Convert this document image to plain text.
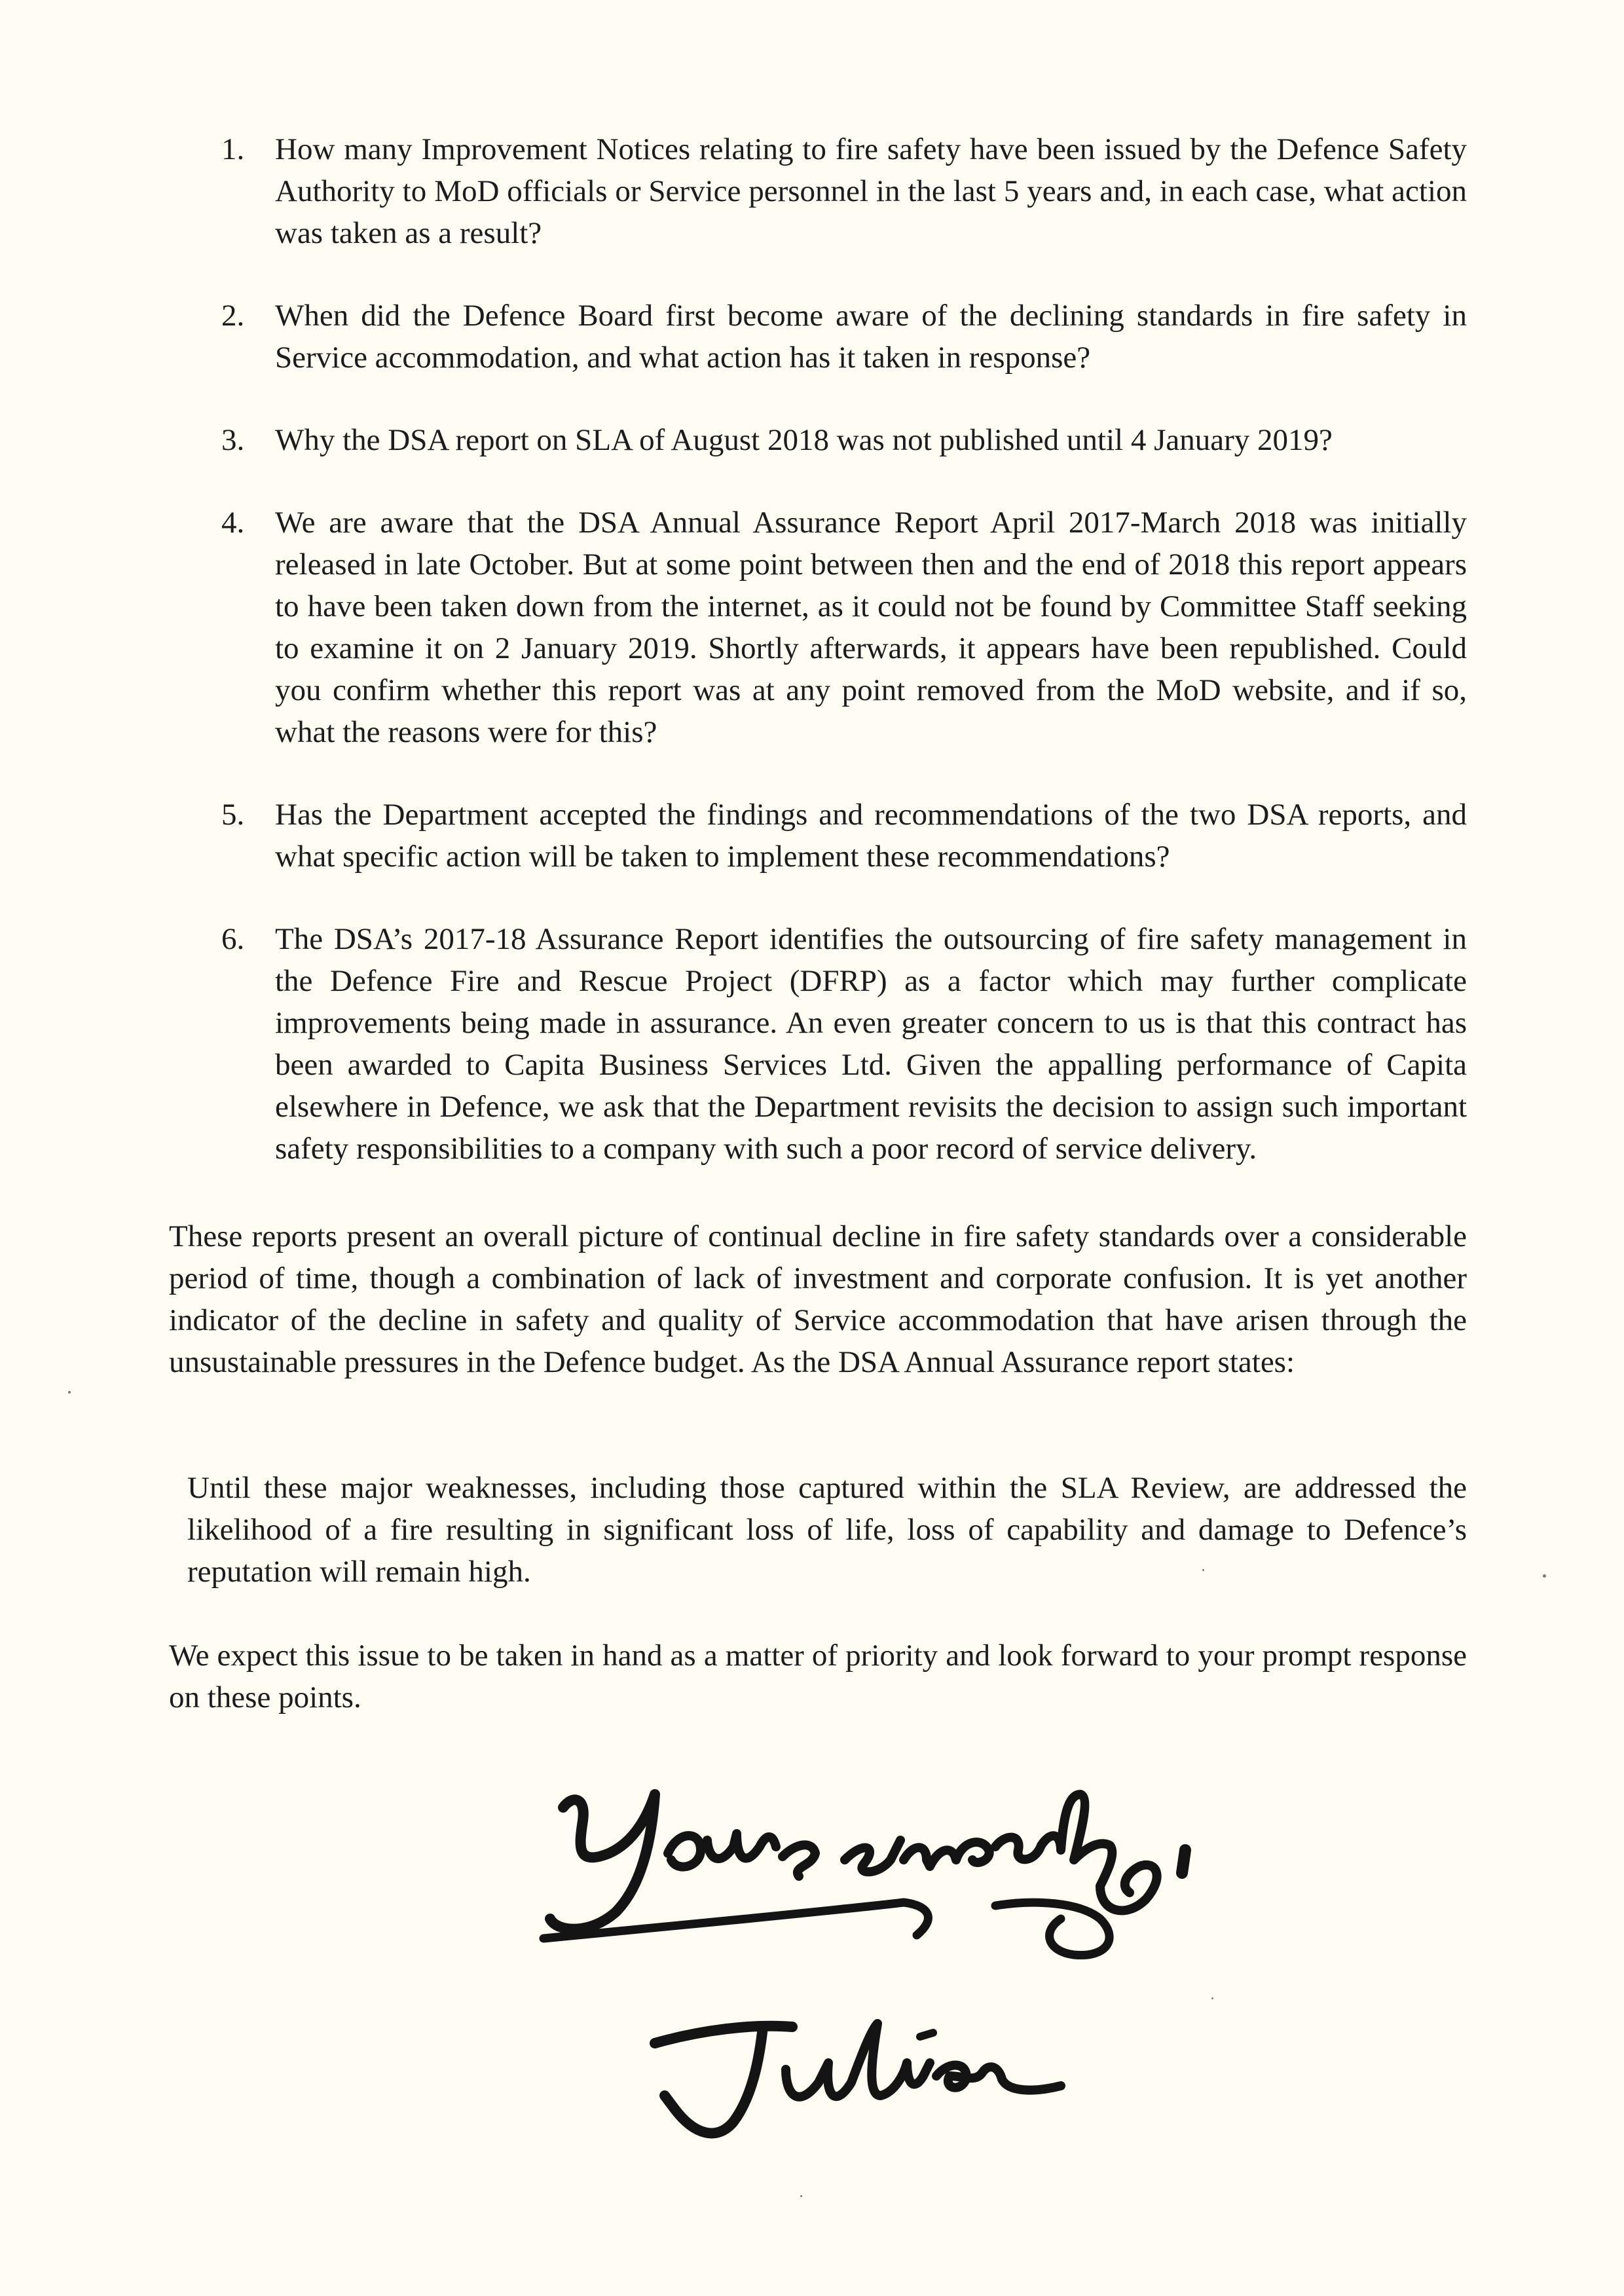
1. How many Improvement Notices relating to fire safety have been issued by the Defence Safety Authority to MoD officials or Service personnel in the last 5 years and, in each case, what action was taken as a result?
2. When did the Defence Board first become aware of the declining standards in fire safety in Service accommodation, and what action has it taken in response?
3. Why the DSA report on SLA of August 2018 was not published until 4 January 2019?
4. We are aware that the DSA Annual Assurance Report April 2017-March 2018 was initially released in late October. But at some point between then and the end of 2018 this report appears to have been taken down from the internet, as it could not be found by Committee Staff seeking to examine it on 2 January 2019. Shortly afterwards, it appears have been republished. Could you confirm whether this report was at any point removed from the MoD website, and if so, what the reasons were for this?
5. Has the Department accepted the findings and recommendations of the two DSA reports, and what specific action will be taken to implement these recommendations?
6. The DSA’s 2017-18 Assurance Report identifies the outsourcing of fire safety management in the Defence Fire and Rescue Project (DFRP) as a factor which may further complicate improvements being made in assurance. An even greater concern to us is that this contract has been awarded to Capita Business Services Ltd. Given the appalling performance of Capita elsewhere in Defence, we ask that the Department revisits the decision to assign such important safety responsibilities to a company with such a poor record of service delivery.

These reports present an overall picture of continual decline in fire safety standards over a considerable period of time, though a combination of lack of investment and corporate confusion. It is yet another indicator of the decline in safety and quality of Service accommodation that have arisen through the unsustainable pressures in the Defence budget. As the DSA Annual Assurance report states:

Until these major weaknesses, including those captured within the SLA Review, are addressed the likelihood of a fire resulting in significant loss of life, loss of capability and damage to Defence’s reputation will remain high.

We expect this issue to be taken in hand as a matter of priority and look forward to your prompt response on these points.
